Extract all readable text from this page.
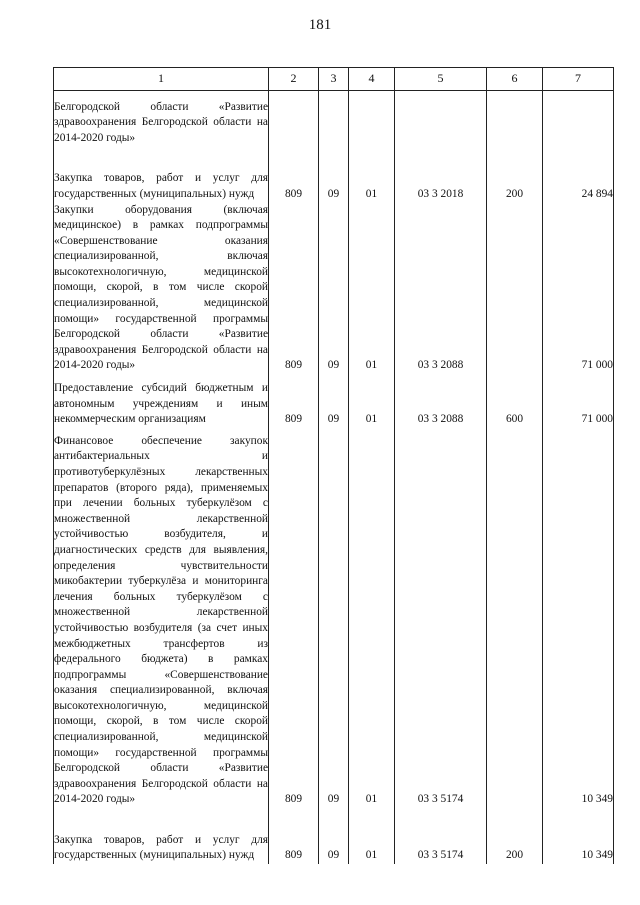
181
1	2	3	4	5	6	7
Белгородской области «Развитие здравоохранения Белгородской области на 2014-2020 годы»						
Закупка товаров, работ и услуг для государственных (муниципальных) нужд	809	09	01	03 3 2018	200	24 894
Закупки оборудования (включая медицинское) в рамках подпрограммы «Совершенствование оказания специализированной, включая высокотехнологичную, медицинской помощи, скорой, в том числе скорой специализированной, медицинской помощи» государственной программы Белгородской области «Развитие здравоохранения Белгородской области на 2014-2020 годы»	809	09	01	03 3 2088		71 000
Предоставление субсидий бюджетным и автономным учреждениям и иным некоммерческим организациям	809	09	01	03 3 2088	600	71 000
Финансовое обеспечение закупок антибактериальных и противотуберкулёзных лекарственных препаратов (второго ряда), применяемых при лечении больных туберкулёзом с множественной лекарственной устойчивостью возбудителя, и диагностических средств для выявления, определения чувствительности микобактерии туберкулёза и мониторинга лечения больных туберкулёзом с множественной лекарственной устойчивостью возбудителя (за счет иных межбюджетных трансфертов из федерального бюджета) в рамках подпрограммы «Совершенствование оказания специализированной, включая высокотехнологичную, медицинской помощи, скорой, в том числе скорой специализированной, медицинской помощи» государственной программы Белгородской области «Развитие здравоохранения Белгородской области на 2014-2020 годы»	809	09	01	03 3 5174		10 349
Закупка товаров, работ и услуг для государственных (муниципальных) нужд	809	09	01	03 3 5174	200	10 349
